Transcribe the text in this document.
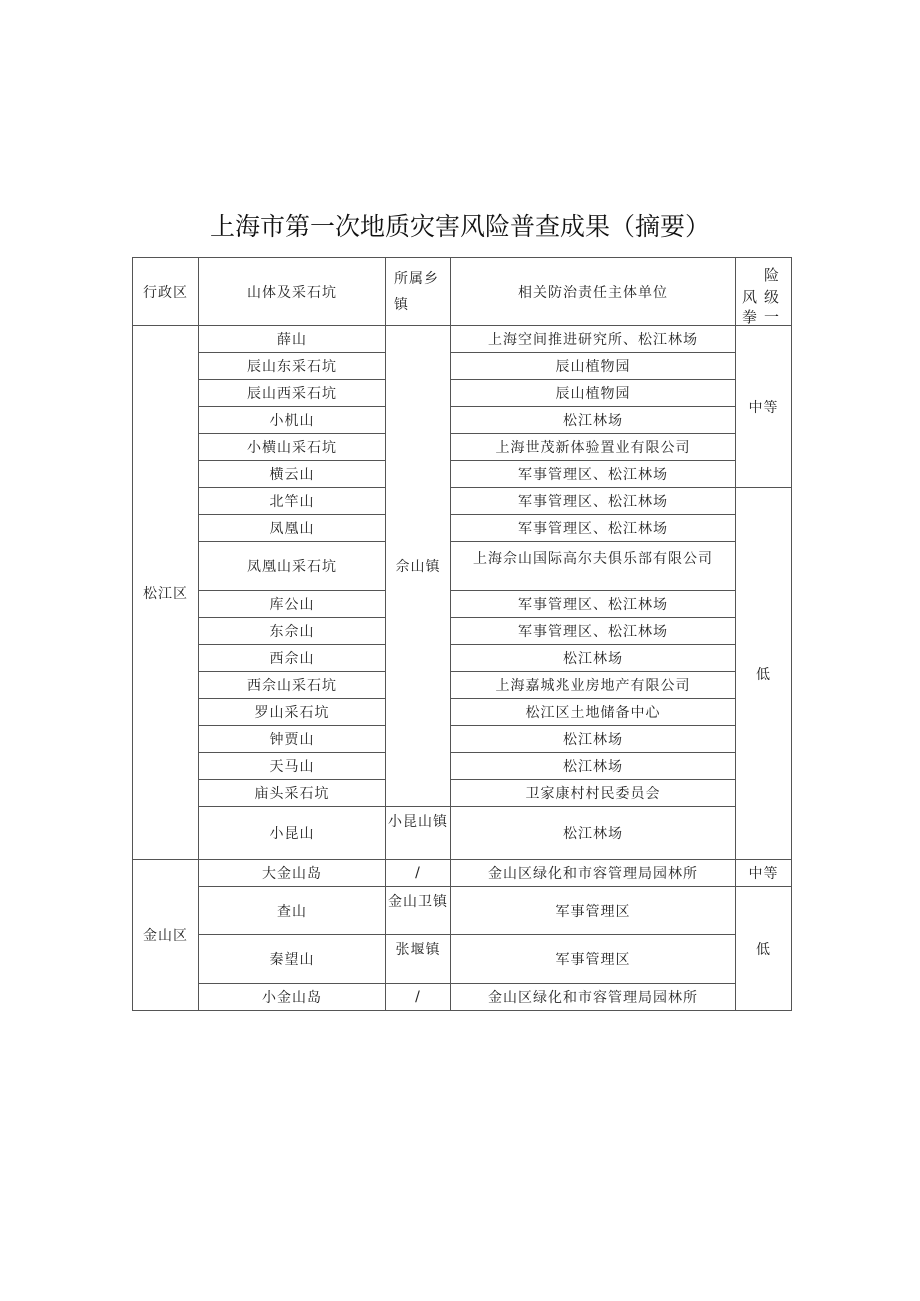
上海市第一次地质灾害风险普查成果（摘要）
行政区	山体及采石坑	所属乡镇	相关防治责任主体单位	险
风 级
拳 一

松江区	薛山	佘山镇	上海空间推进研究所、松江林场	中等
	辰山东采石坑		辰山植物园	
	辰山西采石坑		辰山植物园	
	小机山		松江林场	
	小横山采石坑		上海世茂新体验置业有限公司	
	横云山		军事管理区、松江林场	
	北竿山		军事管理区、松江林场	低
	凤凰山		军事管理区、松江林场	
	凤凰山采石坑		上海佘山国际高尔夫俱乐部有限公司	
	库公山		军事管理区、松江林场	
	东佘山		军事管理区、松江林场	
	西佘山		松江林场	
	西佘山采石坑		上海嘉城兆业房地产有限公司	
	罗山采石坑		松江区土地储备中心	
	钟贾山		松江林场	
	天马山		松江林场	
	庙头采石坑		卫家康村村民委员会	
	小昆山	小昆山镇	松江林场	
金山区	大金山岛	/	金山区绿化和市容管理局园林所	中等
	查山	金山卫镇	军事管理区	低
	秦望山	张堰镇	军事管理区	
	小金山岛	/	金山区绿化和市容管理局园林所	
